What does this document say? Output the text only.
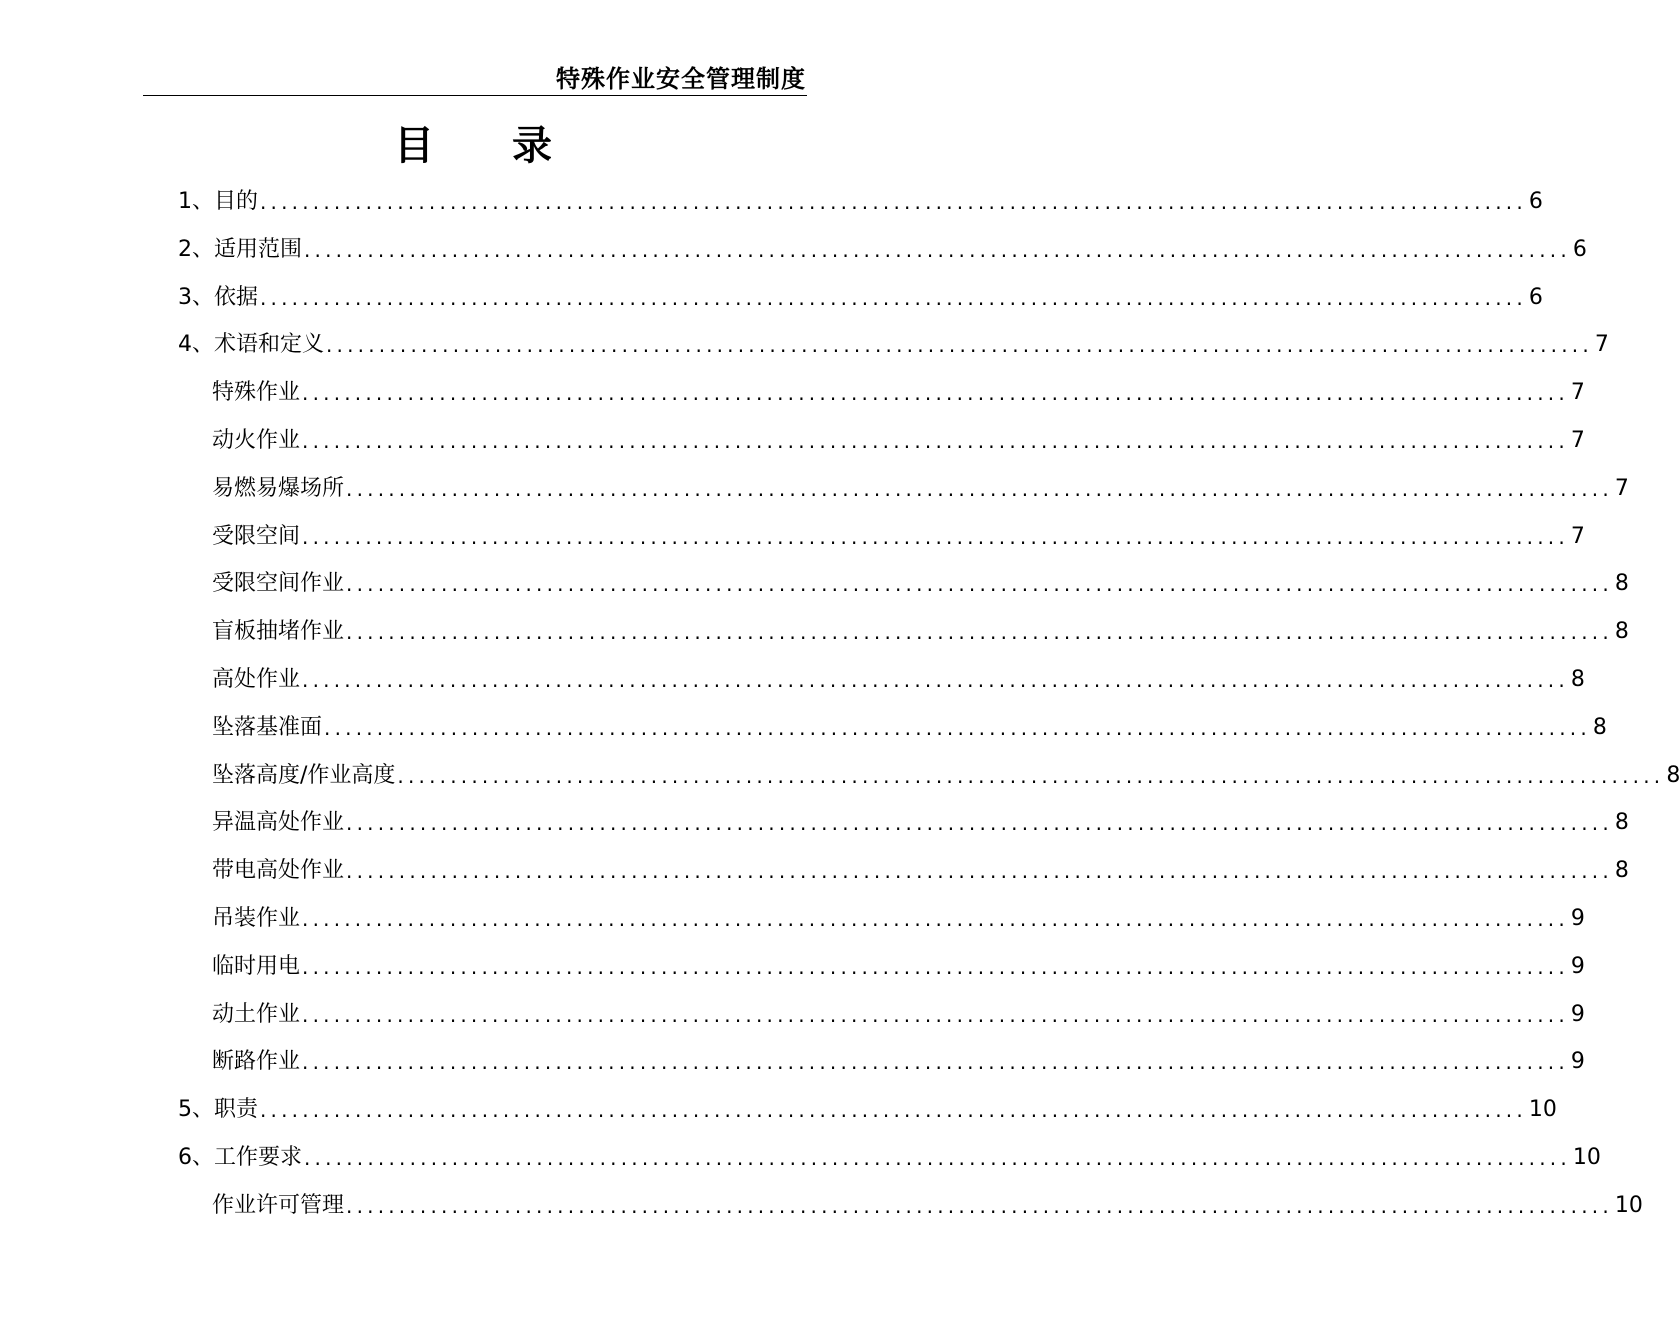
特殊作业安全管理制度
目 录
1、目的 ........................................................................................................................ 6
2、适用范围 ........................................................................................................................ 6
3、依据 ........................................................................................................................ 6
4、术语和定义 ........................................................................................................................ 7
特殊作业 ........................................................................................................................ 7
动火作业 ........................................................................................................................ 7
易燃易爆场所 ........................................................................................................................ 7
受限空间 ........................................................................................................................ 7
受限空间作业 ........................................................................................................................ 8
盲板抽堵作业 ........................................................................................................................ 8
高处作业 ........................................................................................................................ 8
坠落基准面 ........................................................................................................................ 8
坠落高度/作业高度 ........................................................................................................................ 8
异温高处作业 ........................................................................................................................ 8
带电高处作业 ........................................................................................................................ 8
吊装作业 ........................................................................................................................ 9
临时用电 ........................................................................................................................ 9
动土作业 ........................................................................................................................ 9
断路作业 ........................................................................................................................ 9
5、职责 ........................................................................................................................ 10
6、工作要求 ........................................................................................................................ 10
作业许可管理 ........................................................................................................................ 10
